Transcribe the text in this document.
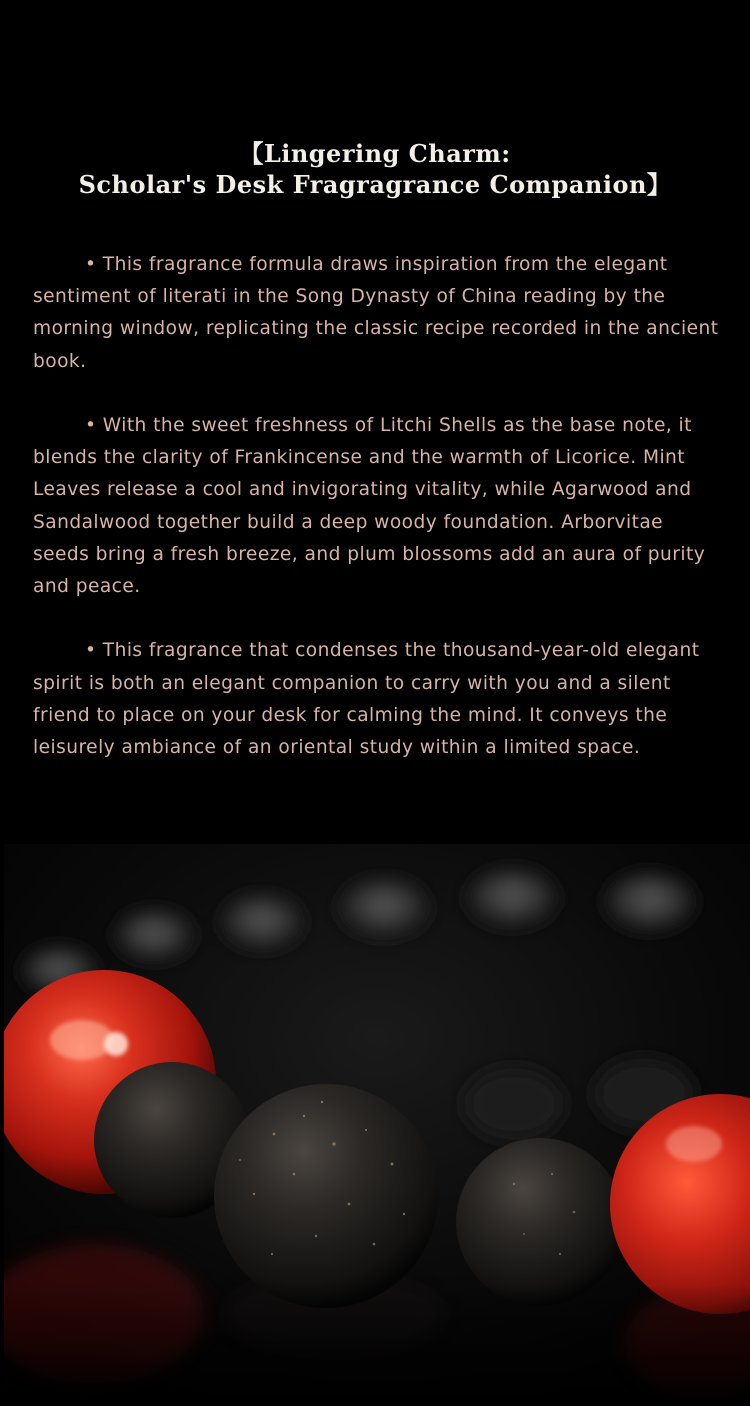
【Lingering Charm:
Scholar's Desk Fragragrance Companion】

• This fragrance formula draws inspiration from the elegant sentiment of literati in the Song Dynasty of China reading by the morning window, replicating the classic recipe recorded in the ancient book.

• With the sweet freshness of Litchi Shells as the base note, it blends the clarity of Frankincense and the warmth of Licorice. Mint Leaves release a cool and invigorating vitality, while Agarwood and Sandalwood together build a deep woody foundation. Arborvitae seeds bring a fresh breeze, and plum blossoms add an aura of purity and peace.

• This fragrance that condenses the thousand-year-old elegant spirit is both an elegant companion to carry with you and a silent friend to place on your desk for calming the mind. It conveys the leisurely ambiance of an oriental study within a limited space.
